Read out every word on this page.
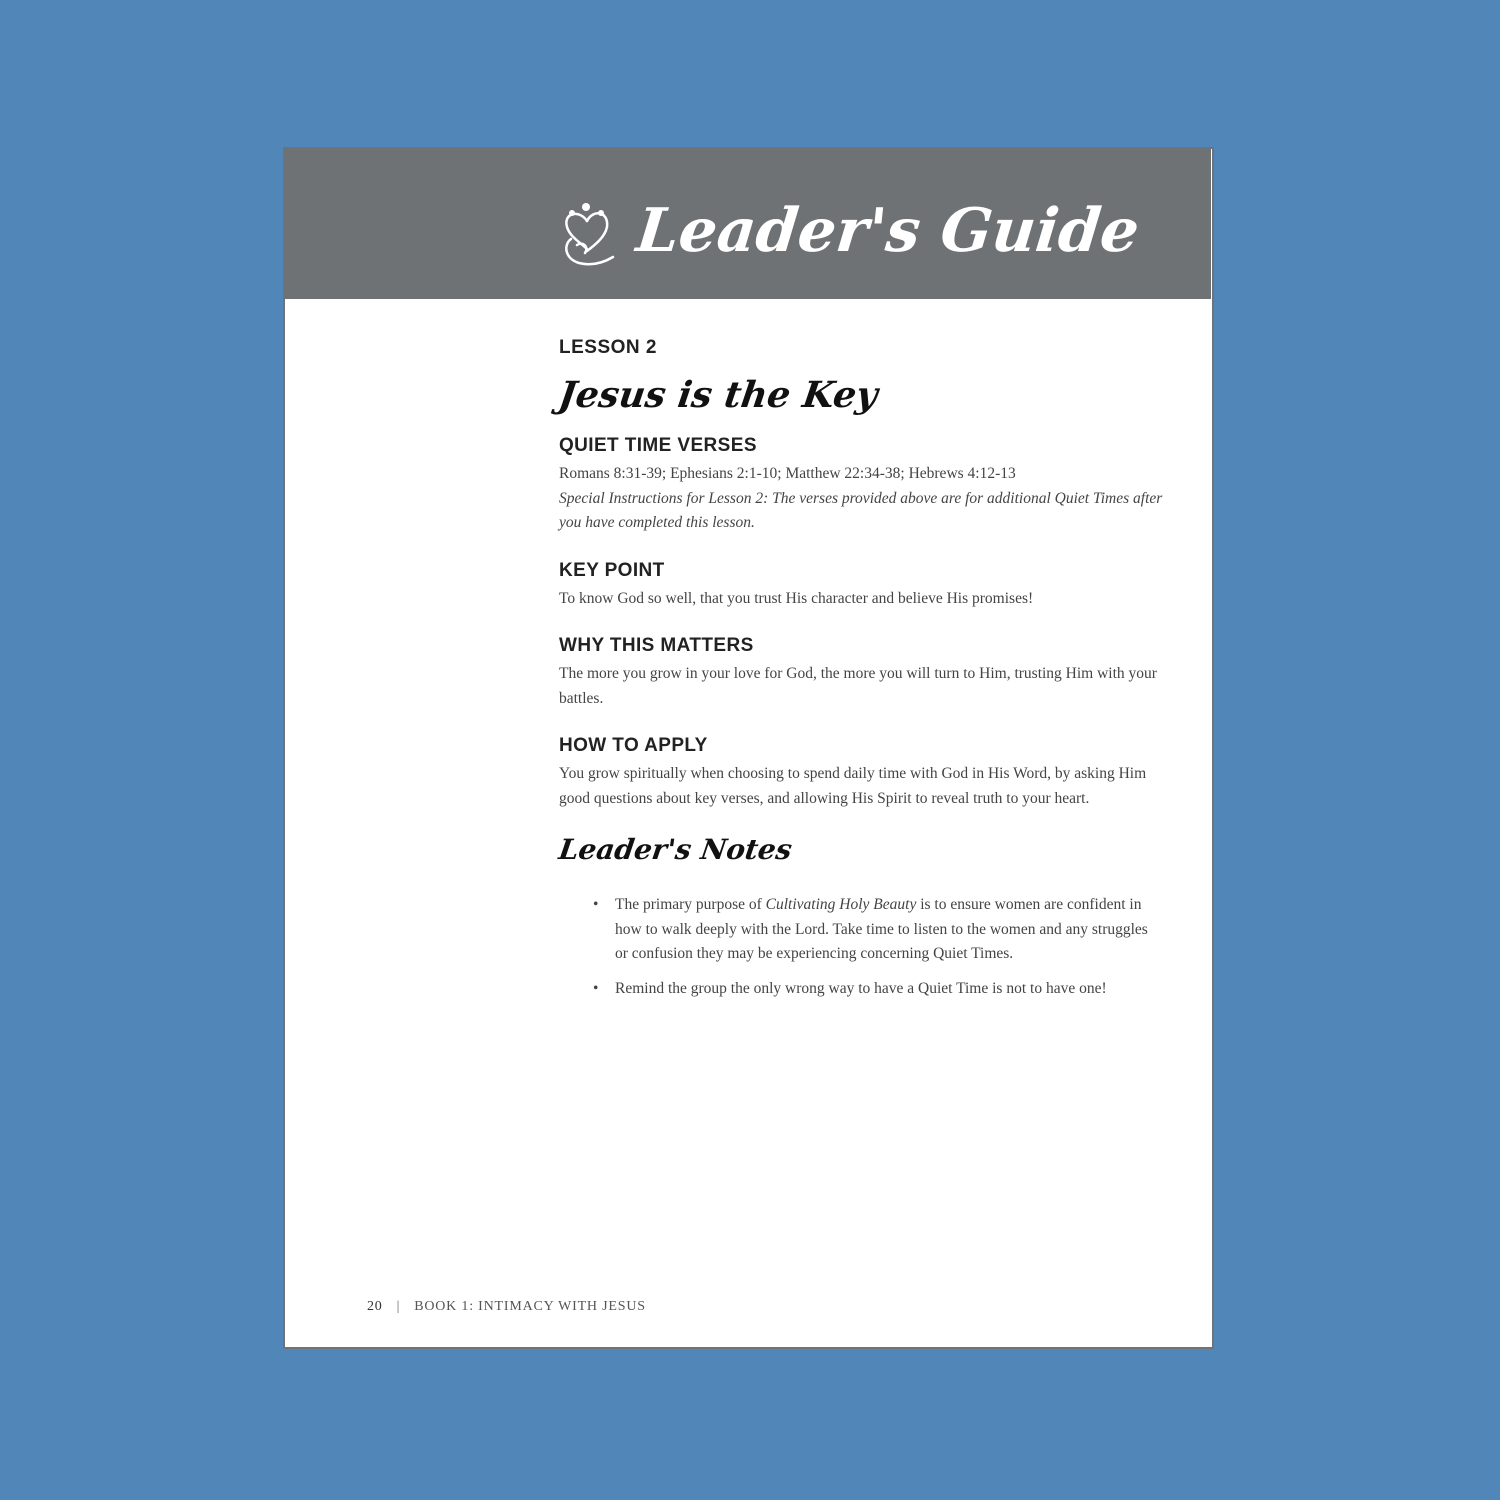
Leader's Guide

LESSON 2

Jesus is the Key

QUIET TIME VERSES

Romans 8:31-39; Ephesians 2:1-10; Matthew 22:34-38; Hebrews 4:12-13

Special Instructions for Lesson 2: The verses provided above are for additional Quiet Times after you have completed this lesson.

KEY POINT

To know God so well, that you trust His character and believe His promises!

WHY THIS MATTERS

The more you grow in your love for God, the more you will turn to Him, trusting Him with your battles.

HOW TO APPLY

You grow spiritually when choosing to spend daily time with God in His Word, by asking Him good questions about key verses, and allowing His Spirit to reveal truth to your heart.

Leader's Notes

• The primary purpose of Cultivating Holy Beauty is to ensure women are confident in how to walk deeply with the Lord. Take time to listen to the women and any struggles or confusion they may be experiencing concerning Quiet Times.
• Remind the group the only wrong way to have a Quiet Time is not to have one!
20 | BOOK 1: INTIMACY WITH JESUS
